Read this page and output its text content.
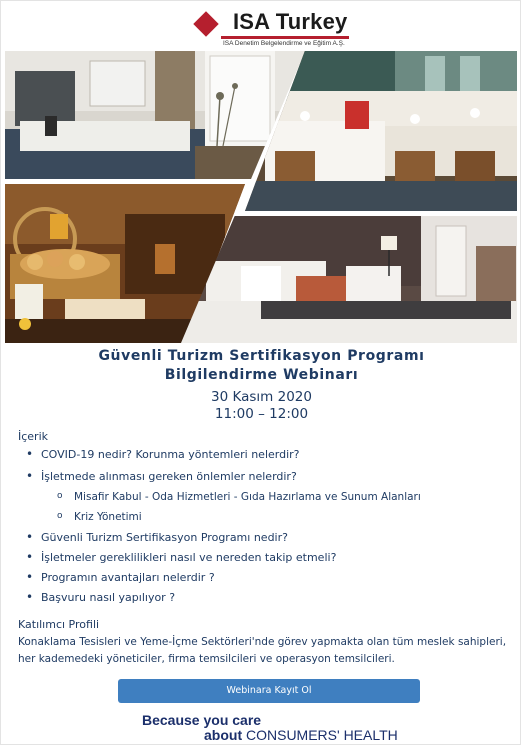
ISA Turkey
ISA Denetim Belgelendirme ve Eğitim A.Ş.
Güvenli Turizm Sertifikasyon Programı
Bilgilendirme Webinarı
30 Kasım 2020
11:00 – 12:00
İçerik
• COVID-19 nedir? Korunma yöntemleri nelerdir?
• İşletmede alınması gereken önlemler nelerdir?
o Misafir Kabul - Oda Hizmetleri - Gıda Hazırlama ve Sunum Alanları
o Kriz Yönetimi
• Güvenli Turizm Sertifikasyon Programı nedir?
• İşletmeler gereklilikleri nasıl ve nereden takip etmeli?
• Programın avantajları nelerdir ?
• Başvuru nasıl yapılıyor ?
Katılımcı Profili
Konaklama Tesisleri ve Yeme-İçme Sektörleri'nde görev yapmakta olan tüm meslek sahipleri,
her kademedeki yöneticiler, firma temsilcileri ve operasyon temsilcileri.
Webinara Kayıt Ol
Because you care
about CONSUMERS' HEALTH
